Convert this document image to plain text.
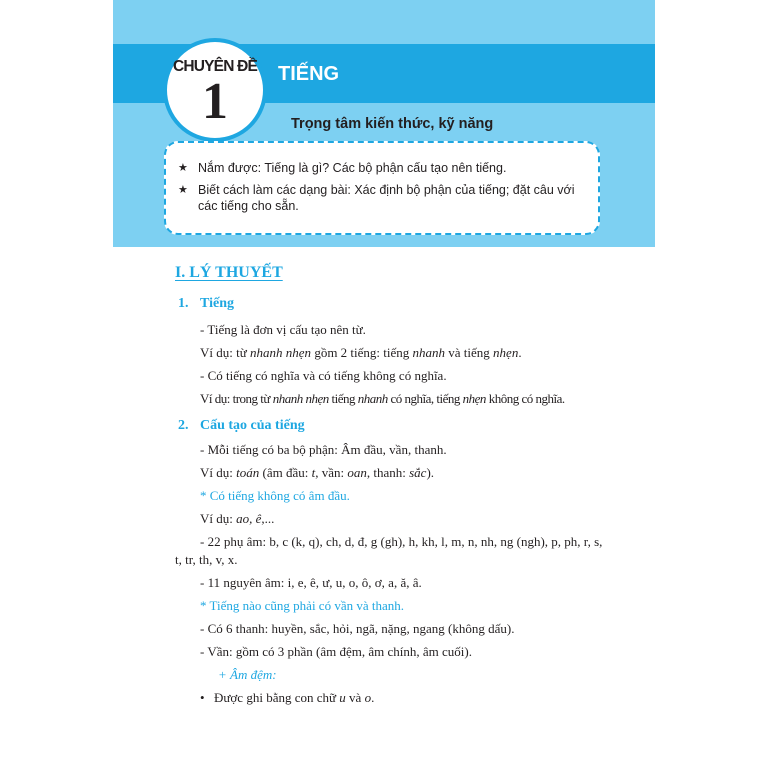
CHUYÊN ĐỀ
1	TIẾNG
Trọng tâm kiến thức, kỹ năng
★ Nắm được: Tiếng là gì? Các bộ phận cấu tạo nên tiếng.
★ Biết cách làm các dạng bài: Xác định bộ phận của tiếng; đặt câu với các tiếng cho sẵn.
I. LÝ THUYẾT
1. Tiếng
- Tiếng là đơn vị cấu tạo nên từ.
Ví dụ: từ nhanh nhẹn gồm 2 tiếng: tiếng nhanh và tiếng nhẹn.
- Có tiếng có nghĩa và có tiếng không có nghĩa.
Ví dụ: trong từ nhanh nhẹn tiếng nhanh có nghĩa, tiếng nhẹn không có nghĩa.
2. Cấu tạo của tiếng
- Mỗi tiếng có ba bộ phận: Âm đầu, vần, thanh.
Ví dụ: toán (âm đầu: t, vần: oan, thanh: sắc).
* Có tiếng không có âm đầu.
Ví dụ: ao, ê,...
- 22 phụ âm: b, c (k, q), ch, d, đ, g (gh), h, kh, l, m, n, nh, ng (ngh), p, ph, r, s, t, tr, th, v, x.
- 11 nguyên âm: i, e, ê, ư, u, o, ô, ơ, a, ă, â.
* Tiếng nào cũng phải có vần và thanh.
- Có 6 thanh: huyền, sắc, hỏi, ngã, nặng, ngang (không dấu).
- Vần: gồm có 3 phần (âm đệm, âm chính, âm cuối).
+ Âm đệm:
• Được ghi bằng con chữ u và o.
